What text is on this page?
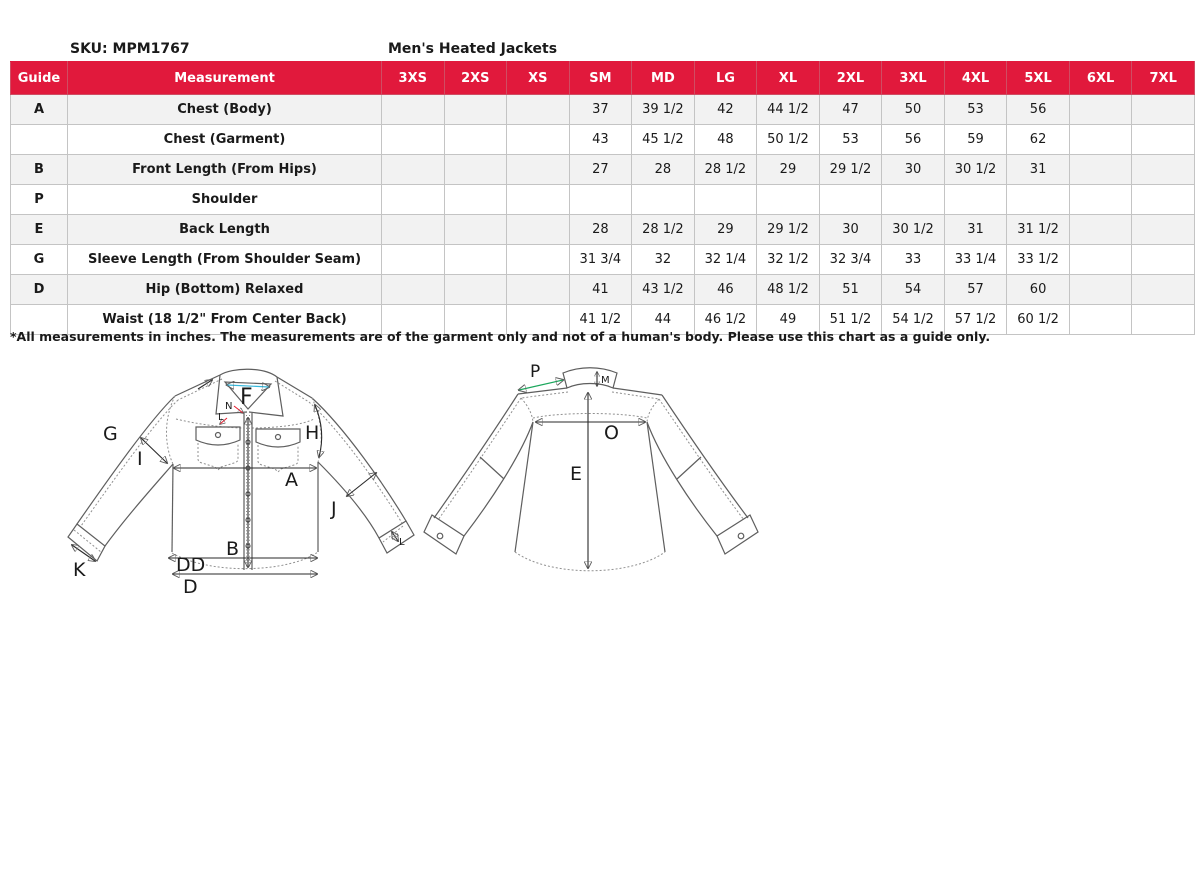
SKU: MPM1767	Men's Heated Jackets
Guide	Measurement	3XS	2XS	XS	SM	MD	LG	XL	2XL	3XL	4XL	5XL	6XL	7XL
A	Chest (Body)				37	39 1/2	42	44 1/2	47	50	53	56		
	Chest (Garment)				43	45 1/2	48	50 1/2	53	56	59	62		
B	Front Length (From Hips)				27	28	28 1/2	29	29 1/2	30	30 1/2	31		
P	Shoulder													
E	Back Length				28	28 1/2	29	29 1/2	30	30 1/2	31	31 1/2		
G	Sleeve Length (From Shoulder Seam)				31 3/4	32	32 1/4	32 1/2	32 3/4	33	33 1/4	33 1/2		
D	Hip (Bottom) Relaxed				41	43 1/2	46	48 1/2	51	54	57	60		
	Waist (18 1/2" From Center Back)				41 1/2	44	46 1/2	49	51 1/2	54 1/2	57 1/2	60 1/2		
*All measurements in inches. The measurements are of the garment only and not of a human's body. Please use this chart as a guide only.
G
I
F
N
L
H
A
J
B
K	DD
D
L
P	M
O
E
